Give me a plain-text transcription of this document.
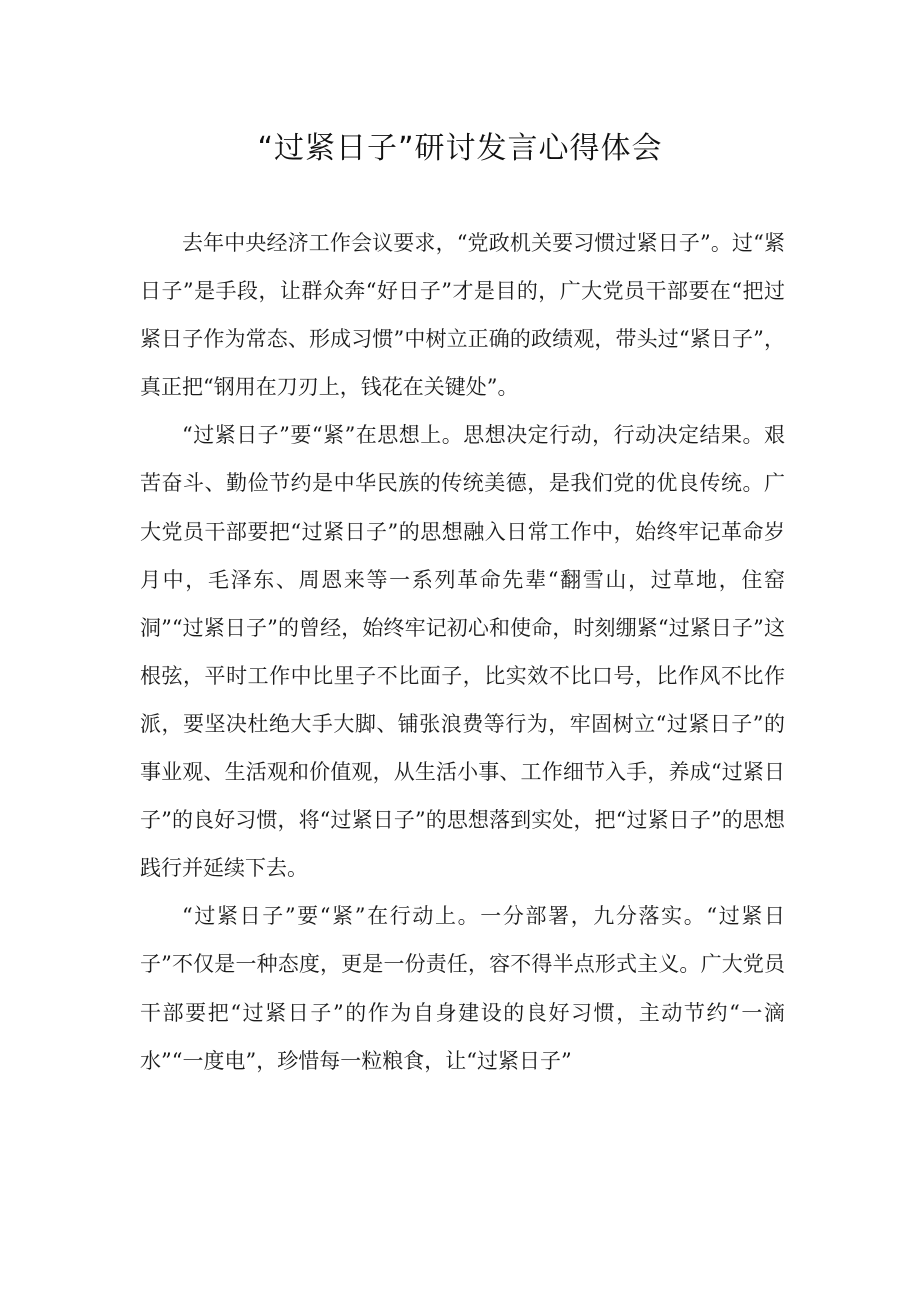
“过紧日子”研讨发言心得体会

去年中央经济工作会议要求，“党政机关要习惯过紧日子”。过“紧日子”是手段，让群众奔“好日子”才是目的，广大党员干部要在“把过紧日子作为常态、形成习惯”中树立正确的政绩观，带头过“紧日子”，真正把“钢用在刀刃上，钱花在关键处”。

“过紧日子”要“紧”在思想上。思想决定行动，行动决定结果。艰苦奋斗、勤俭节约是中华民族的传统美德，是我们党的优良传统。广大党员干部要把“过紧日子”的思想融入日常工作中，始终牢记革命岁月中，毛泽东、周恩来等一系列革命先辈“翻雪山，过草地，住窑洞”“过紧日子”的曾经，始终牢记初心和使命，时刻绷紧“过紧日子”这根弦，平时工作中比里子不比面子，比实效不比口号，比作风不比作派，要坚决杜绝大手大脚、铺张浪费等行为，牢固树立“过紧日子”的事业观、生活观和价值观，从生活小事、工作细节入手，养成“过紧日子”的良好习惯，将“过紧日子”的思想落到实处，把“过紧日子”的思想践行并延续下去。

“过紧日子”要“紧”在行动上。一分部署，九分落实。“过紧日子”不仅是一种态度，更是一份责任，容不得半点形式主义。广大党员干部要把“过紧日子”的作为自身建设的良好习惯，主动节约“一滴水”“一度电”，珍惜每一粒粮食，让“过紧日子”
